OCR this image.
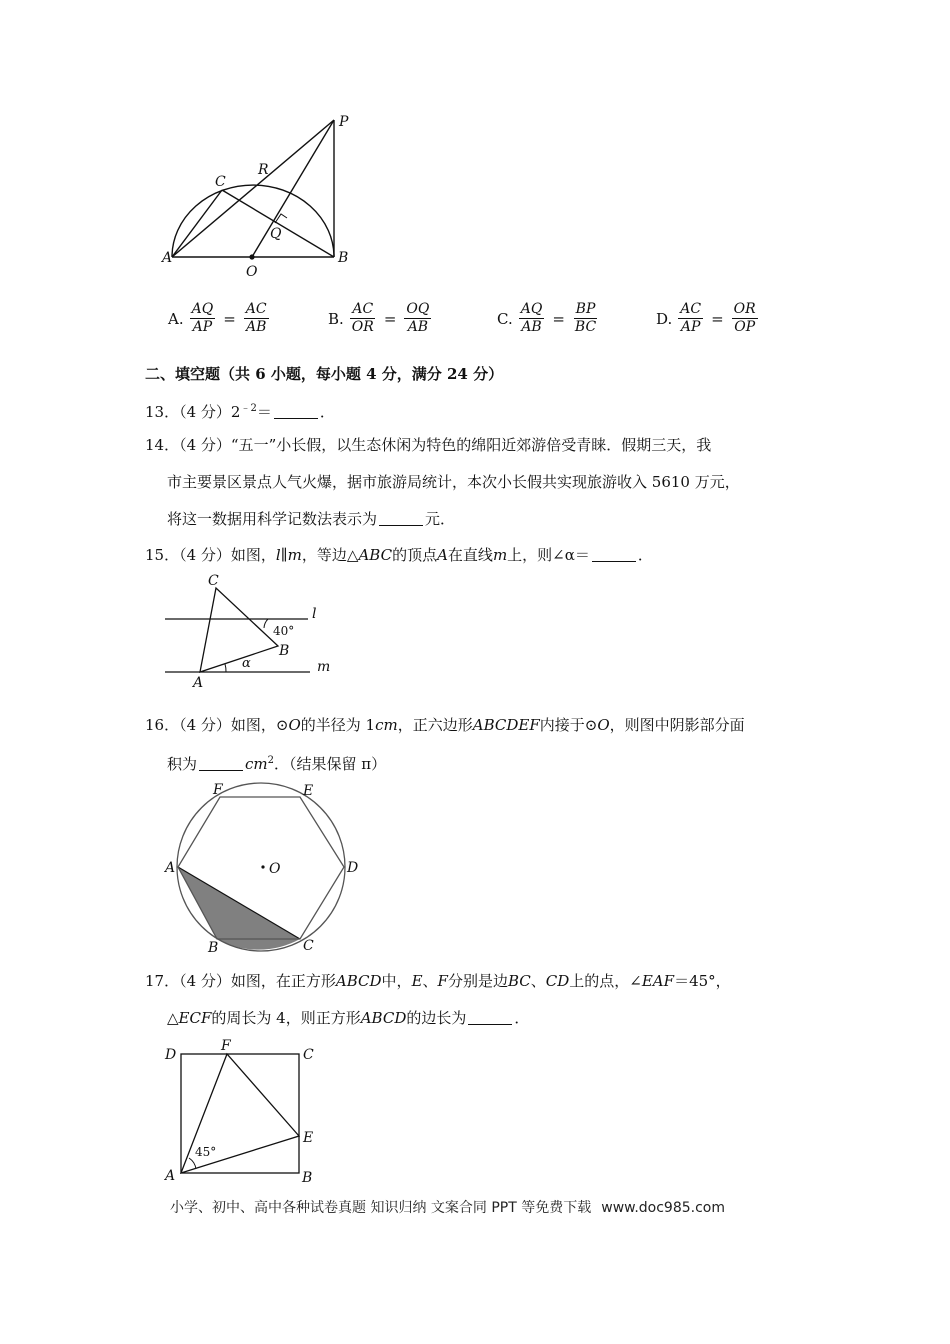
A	B
C
O
P
Q
R
A. $\frac{AQ}{AP} = \frac{AC}{AB}$	B. $\frac{AC}{OR} = \frac{OQ}{AB}$	C. $\frac{AQ}{AB} = \frac{BP}{BC}$	D. $\frac{AC}{AP} = \frac{OR}{OP}$
二、填空题（共 6 小题，每小题 4 分，满分 24 分）
13．（4 分）$2^{﹣2}=$	．
14．（4 分）“五一”小长假，以生态休闲为特色的绵阳近郊游倍受青睐．假期三天，我
市主要景区景点人气火爆，据市旅游局统计，本次小长假共实现旅游收入 5610 万元，
将这一数据用科学记数法表示为	元．
15．（4 分）如图，l∥m，等边△ABC的顶点A在直线m上，则∠α＝	．
C
B
A
l
m
40°
α
16．（4 分）如图，⊙O的半径为 1cm，正六边形ABCDEF内接于⊙O，则图中阴影部分面
积为	$cm^2$．（结果保留 π）
A
B	C
D
E
F
O
17．（4 分）如图，在正方形ABCD中，E、F分别是边BC、CD上的点，∠EAF＝45°，
△ECF的周长为 4，则正方形ABCD的边长为	．
D
F
C
E
A	B
45°
小学、初中、高中各种试卷真题 知识归纳 文案合同 PPT 等免费下载 www.doc985.com
